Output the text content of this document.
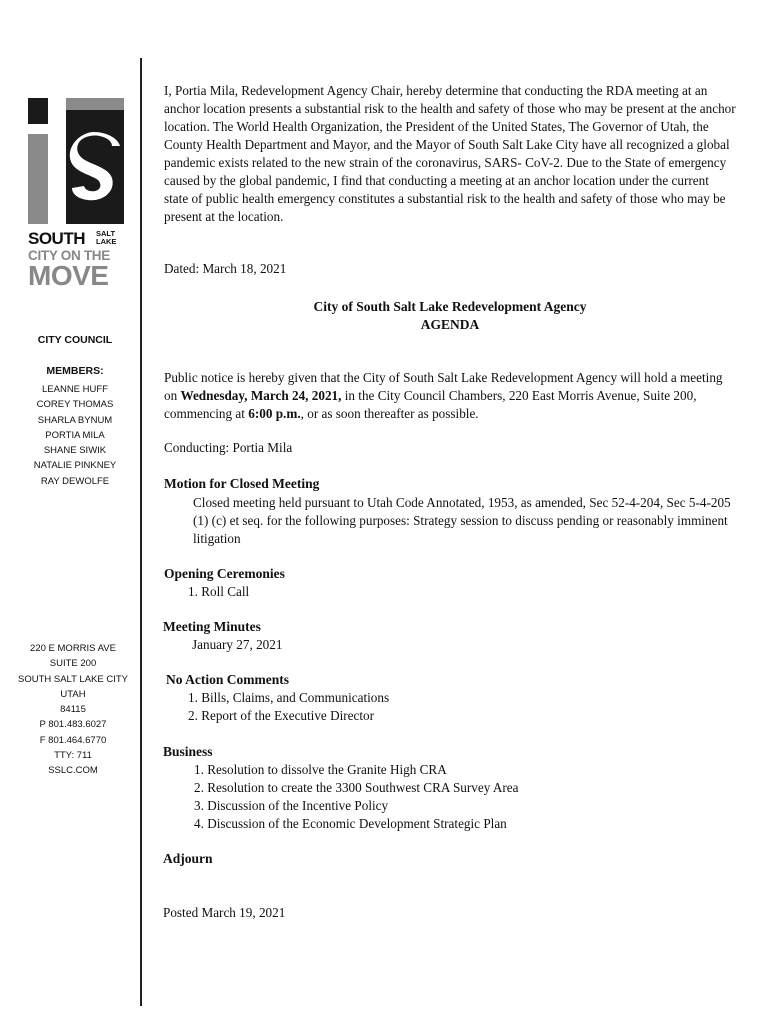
SOUTH SALT
LAKE
CITY ON THE
MOVE
CITY COUNCIL
MEMBERS:
LEANNE HUFF
COREY THOMAS
SHARLA BYNUM
PORTIA MILA
SHANE SIWIK
NATALIE PINKNEY
RAY DEWOLFE
220 E MORRIS AVE
SUITE 200
SOUTH SALT LAKE CITY
UTAH
84115
P 801.483.6027
F 801.464.6770
TTY: 711
SSLC.COM
I, Portia Mila, Redevelopment Agency Chair, hereby determine that conducting the RDA meeting at an anchor location presents a substantial risk to the health and safety of those who may be present at the anchor location. The World Health Organization, the President of the United States, The Governor of Utah, the County Health Department and Mayor, and the Mayor of South Salt Lake City have all recognized a global pandemic exists related to the new strain of the coronavirus, SARS- CoV-2. Due to the State of emergency caused by the global pandemic, I find that conducting a meeting at an anchor location under the current state of public health emergency constitutes a substantial risk to the health and safety of those who may be present at the location.
Dated: March 18, 2021
City of South Salt Lake Redevelopment Agency
AGENDA
Public notice is hereby given that the City of South Salt Lake Redevelopment Agency will hold a meeting on Wednesday, March 24, 2021, in the City Council Chambers, 220 East Morris Avenue, Suite 200, commencing at 6:00 p.m., or as soon thereafter as possible.
Conducting: Portia Mila
Motion for Closed Meeting
Closed meeting held pursuant to Utah Code Annotated, 1953, as amended, Sec 52-4-204, Sec 5-4-205 (1) (c) et seq. for the following purposes: Strategy session to discuss pending or reasonably imminent litigation
Opening Ceremonies
1. Roll Call
Meeting Minutes
January 27, 2021
No Action Comments
1. Bills, Claims, and Communications
2. Report of the Executive Director
Business
1. Resolution to dissolve the Granite High CRA
2. Resolution to create the 3300 Southwest CRA Survey Area
3. Discussion of the Incentive Policy
4. Discussion of the Economic Development Strategic Plan
Adjourn
Posted March 19, 2021
